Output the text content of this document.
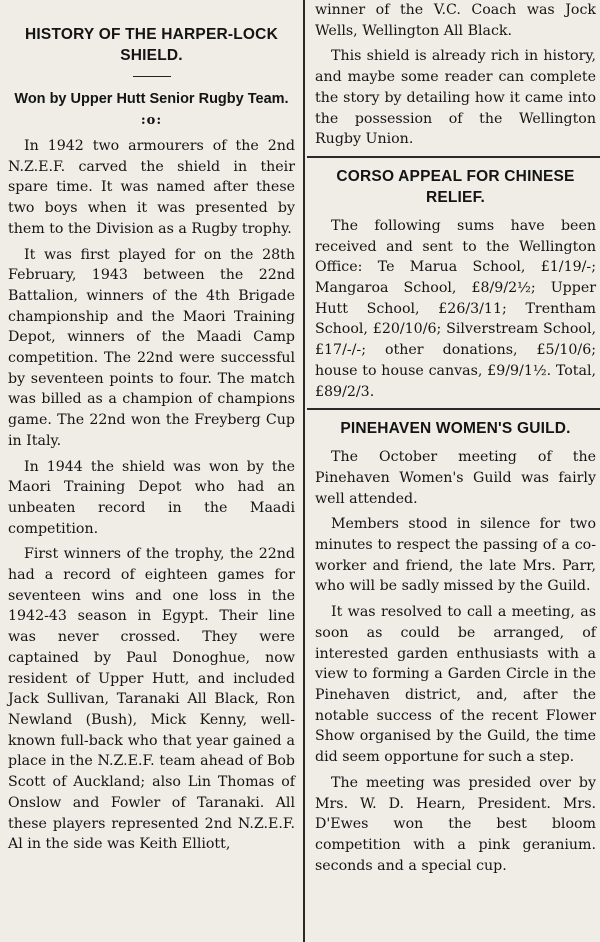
HISTORY OF THE HARPER-LOCK SHIELD.
Won by Upper Hutt Senior Rugby Team.
:o:

In 1942 two armourers of the 2nd N.Z.E.F. carved the shield in their spare time. It was named after these two boys when it was presented by them to the Division as a Rugby trophy.

It was first played for on the 28th February, 1943 between the 22nd Battalion, winners of the 4th Brigade championship and the Maori Training Depot, winners of the Maadi Camp competition. The 22nd were successful by seventeen points to four. The match was billed as a champion of champions game. The 22nd won the Freyberg Cup in Italy.

In 1944 the shield was won by the Maori Training Depot who had an unbeaten record in the Maadi competition.

First winners of the trophy, the 22nd had a record of eighteen games for seventeen wins and one loss in the 1942-43 season in Egypt. Their line was never crossed. They were captained by Paul Donoghue, now resident of Upper Hutt, and included Jack Sullivan, Taranaki All Black, Ron Newland (Bush), Mick Kenny, well-known full-back who that year gained a place in the N.Z.E.F. team ahead of Bob Scott of Auckland; also Lin Thomas of Onslow and Fowler of Taranaki. All these players represented 2nd N.Z.E.F. Al in the side was Keith Elliott,

winner of the V.C. Coach was Jock Wells, Wellington All Black.

This shield is already rich in history, and maybe some reader can complete the story by detailing how it came into the possession of the Wellington Rugby Union.

CORSO APPEAL FOR CHINESE RELIEF.

The following sums have been received and sent to the Wellington Office: Te Marua School, £1/19/-; Mangaroa School, £8/9/2½; Upper Hutt School, £26/3/11; Trentham School, £20/10/6; Silverstream School, £17/-/-; other donations, £5/10/6; house to house canvas, £9/9/1½. Total, £89/2/3.

PINEHAVEN WOMEN'S GUILD.

The October meeting of the Pinehaven Women's Guild was fairly well attended.

Members stood in silence for two minutes to respect the passing of a co-worker and friend, the late Mrs. Parr, who will be sadly missed by the Guild.

It was resolved to call a meeting, as soon as could be arranged, of interested garden enthusiasts with a view to forming a Garden Circle in the Pinehaven district, and, after the notable success of the recent Flower Show organised by the Guild, the time did seem opportune for such a step.

The meeting was presided over by Mrs. W. D. Hearn, President. Mrs. D'Ewes won the best bloom competition with a pink geranium. seconds and a special cup.
